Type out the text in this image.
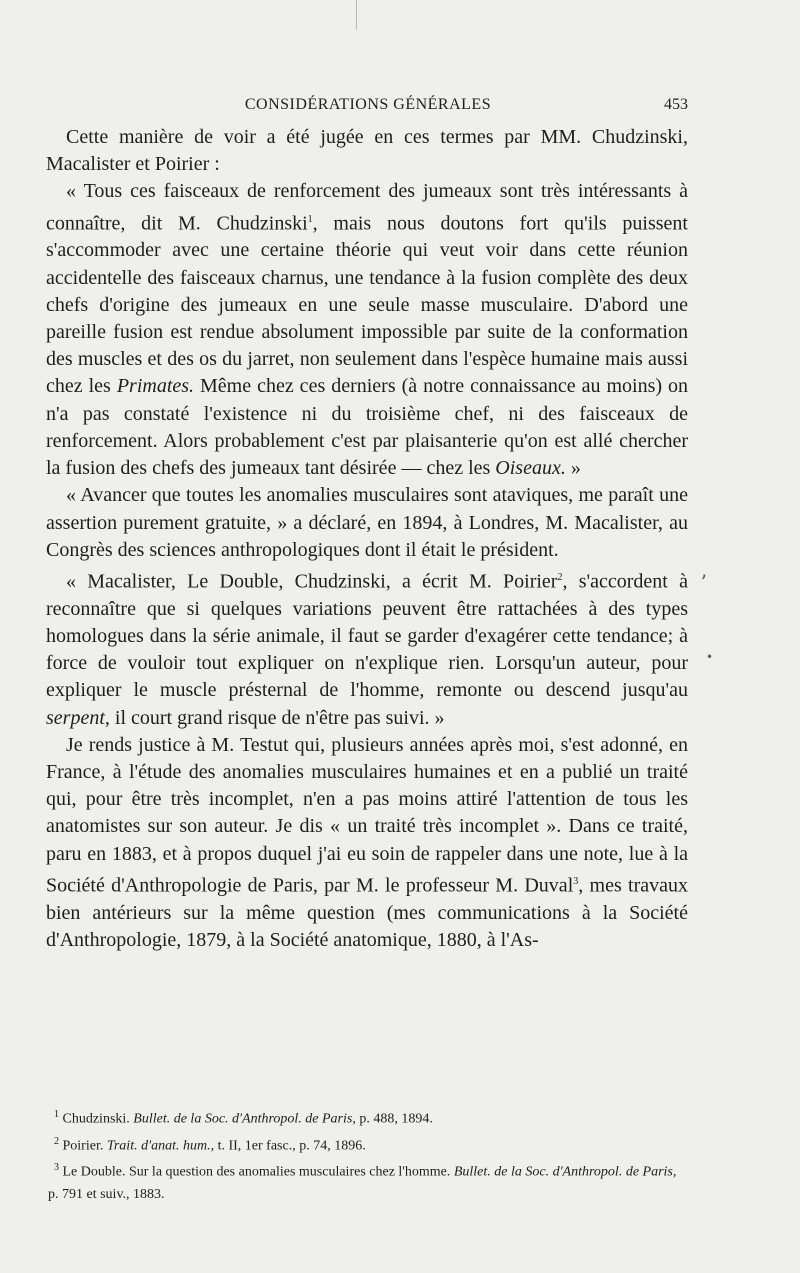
CONSIDÉRATIONS GÉNÉRALES	453

Cette manière de voir a été jugée en ces termes par MM. Chudzinski, Macalister et Poirier :

« Tous ces faisceaux de renforcement des jumeaux sont très intéressants à connaître, dit M. Chudzinski$^1$, mais nous doutons fort qu'ils puissent s'accommoder avec une certaine théorie qui veut voir dans cette réunion accidentelle des faisceaux charnus, une tendance à la fusion complète des deux chefs d'origine des jumeaux en une seule masse musculaire. D'abord une pareille fusion est rendue absolument impossible par suite de la conformation des muscles et des os du jarret, non seulement dans l'espèce humaine mais aussi chez les Primates. Même chez ces derniers (à notre connaissance au moins) on n'a pas constaté l'existence ni du troisième chef, ni des faisceaux de renforcement. Alors probablement c'est par plaisanterie qu'on est allé chercher la fusion des chefs des jumeaux tant désirée — chez les Oiseaux. »

« Avancer que toutes les anomalies musculaires sont ataviques, me paraît une assertion purement gratuite, » a déclaré, en 1894, à Londres, M. Macalister, au Congrès des sciences anthropologiques dont il était le président.

« Macalister, Le Double, Chudzinski, a écrit M. Poirier$^2$, s'accordent à reconnaître que si quelques variations peuvent être rattachées à des types homologues dans la série animale, il faut se garder d'exagérer cette tendance; à force de vouloir tout expliquer on n'explique rien. Lorsqu'un auteur, pour expliquer le muscle présternal de l'homme, remonte ou descend jusqu'au serpent, il court grand risque de n'être pas suivi. »

Je rends justice à M. Testut qui, plusieurs années après moi, s'est adonné, en France, à l'étude des anomalies musculaires humaines et en a publié un traité qui, pour être très incomplet, n'en a pas moins attiré l'attention de tous les anatomistes sur son auteur. Je dis « un traité très incomplet ». Dans ce traité, paru en 1883, et à propos duquel j'ai eu soin de rappeler dans une note, lue à la Société d'Anthropologie de Paris, par M. le professeur M. Duval$^3$, mes travaux bien antérieurs sur la même question (mes communications à la Société d'Anthropologie, 1879, à la Société anatomique, 1880, à l'As-

ʼ
•

$^1$ Chudzinski. Bullet. de la Soc. d'Anthropol. de Paris, p. 488, 1894.

$^2$ Poirier. Trait. d'anat. hum., t. II, 1er fasc., p. 74, 1896.

$^3$ Le Double. Sur la question des anomalies musculaires chez l'homme. Bullet. de la Soc. d'Anthropol. de Paris, p. 791 et suiv., 1883.
